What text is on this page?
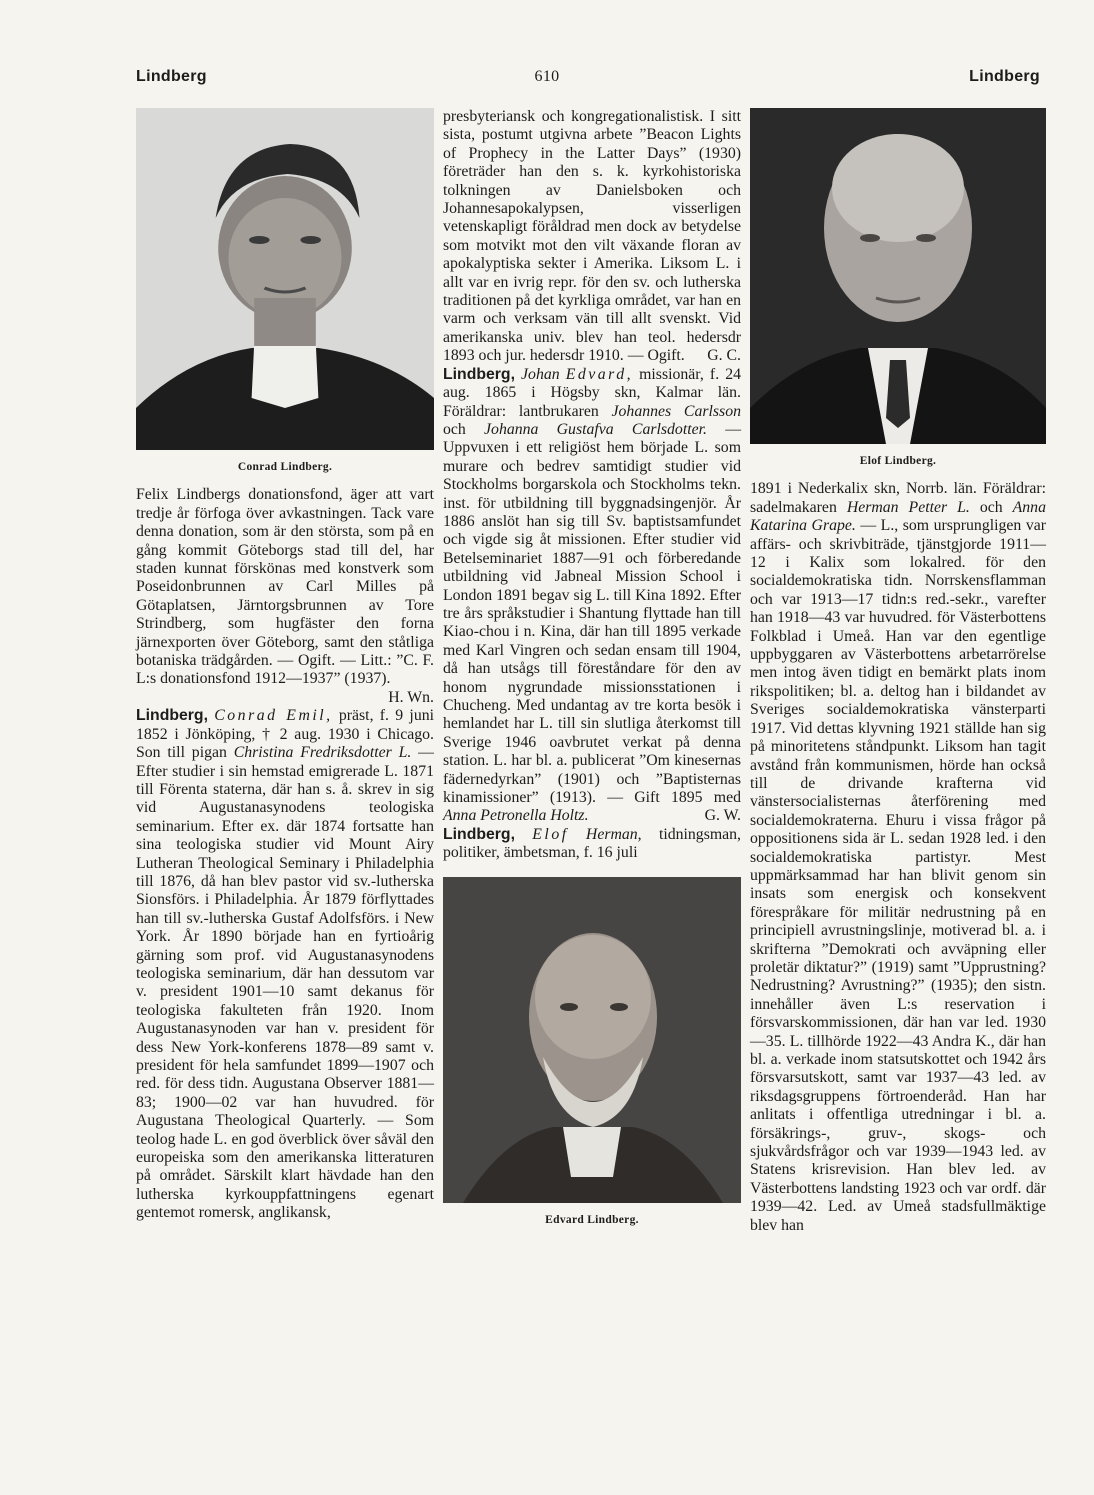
Lindberg	610	Lindberg
Conrad Lindberg.

Felix Lindbergs donationsfond, äger att vart tredje år förfoga över avkastningen. Tack vare denna donation, som är den största, som på en gång kommit Göteborgs stad till del, har staden kunnat förskönas med konstverk som Poseidonbrunnen av Carl Milles på Götaplatsen, Järntorgsbrunnen av Tore Strindberg, som hugfäster den forna järnexporten över Göteborg, samt den ståtliga botaniska trädgården. — Ogift. — Litt.: ”C. F. L:s donationsfond 1912—1937” (1937).
H. Wn.

Lindberg, Conrad Emil, präst, f. 9 juni 1852 i Jönköping, † 2 aug. 1930 i Chicago. Son till pigan Christina Fredriksdotter L. — Efter studier i sin hemstad emigrerade L. 1871 till Förenta staterna, där han s. å. skrev in sig vid Augustanasynodens teologiska seminarium. Efter ex. där 1874 fortsatte han sina teologiska studier vid Mount Airy Lutheran Theological Seminary i Philadelphia till 1876, då han blev pastor vid sv.-lutherska Sionsförs. i Philadelphia. År 1879 förflyttades han till sv.-lutherska Gustaf Adolfsförs. i New York. År 1890 började han en fyrtioårig gärning som prof. vid Augustanasynodens teologiska seminarium, där han dessutom var v. president 1901—10 samt dekanus för teologiska fakulteten från 1920. Inom Augustanasynoden var han v. president för dess New York-konferens 1878—89 samt v. president för hela samfundet 1899—1907 och red. för dess tidn. Augustana Observer 1881—83; 1900—02 var han huvudred. för Augustana Theological Quarterly. — Som teolog hade L. en god överblick över såväl den europeiska som den amerikanska litteraturen på området. Särskilt klart hävdade han den lutherska kyrkouppfattningens egenart gentemot romersk, anglikansk,

presbyteriansk och kongregationalistisk. I sitt sista, postumt utgivna arbete ”Beacon Lights of Prophecy in the Latter Days” (1930) företräder han den s. k. kyrkohistoriska tolkningen av Danielsboken och Johannesapokalypsen, visserligen vetenskapligt föråldrad men dock av betydelse som motvikt mot den vilt växande floran av apokalyptiska sekter i Amerika. Liksom L. i allt var en ivrig repr. för den sv. och lutherska traditionen på det kyrkliga området, var han en varm och verksam vän till allt svenskt. Vid amerikanska univ. blev han teol. hedersdr 1893 och jur. hedersdr 1910. — Ogift. G. C.

Lindberg, Johan Edvard, missionär, f. 24 aug. 1865 i Högsby skn, Kalmar län. Föräldrar: lantbrukaren Johannes Carlsson och Johanna Gustafva Carlsdotter. — Uppvuxen i ett religiöst hem började L. som murare och bedrev samtidigt studier vid Stockholms borgarskola och Stockholms tekn. inst. för utbildning till byggnadsingenjör. År 1886 anslöt han sig till Sv. baptistsamfundet och vigde sig åt missionen. Efter studier vid Betelseminariet 1887—91 och förberedande utbildning vid Jabneal Mission School i London 1891 begav sig L. till Kina 1892. Efter tre års språkstudier i Shantung flyttade han till Kiao-chou i n. Kina, där han till 1895 verkade med Karl Vingren och sedan ensam till 1904, då han utsågs till föreståndare för den av honom nygrundade missionsstationen i Chucheng. Med undantag av tre korta besök i hemlandet har L. till sin slutliga återkomst till Sverige 1946 oavbrutet verkat på denna station. L. har bl. a. publicerat ”Om kinesernas fädernedyrkan” (1901) och ”Baptisternas kinamissioner” (1913). — Gift 1895 med Anna Petronella Holtz.	G. W.

Lindberg, Elof Herman, tidningsman, politiker, ämbetsman, f. 16 juli

Edvard Lindberg.
Elof Lindberg.

1891 i Nederkalix skn, Norrb. län. Föräldrar: sadelmakaren Herman Petter L. och Anna Katarina Grape. — L., som ursprungligen var affärs- och skrivbiträde, tjänstgjorde 1911—12 i Kalix som lokalred. för den socialdemokratiska tidn. Norrskensflamman och var 1913—17 tidn:s red.-sekr., varefter han 1918—43 var huvudred. för Västerbottens Folkblad i Umeå. Han var den egentlige uppbyggaren av Västerbottens arbetarrörelse men intog även tidigt en bemärkt plats inom rikspolitiken; bl. a. deltog han i bildandet av Sveriges socialdemokratiska vänsterparti 1917. Vid dettas klyvning 1921 ställde han sig på minoritetens ståndpunkt. Liksom han tagit avstånd från kommunismen, hörde han också till de drivande krafterna vid vänstersocialisternas återförening med socialdemokraterna. Ehuru i vissa frågor på oppositionens sida är L. sedan 1928 led. i den socialdemokratiska partistyr. Mest uppmärksammad har han blivit genom sin insats som energisk och konsekvent förespråkare för militär nedrustning på en principiell avrustningslinje, motiverad bl. a. i skrifterna ”Demokrati och avväpning eller proletär diktatur?” (1919) samt ”Upprustning? Nedrustning? Avrustning?” (1935); den sistn. innehåller även L:s reservation i försvarskommissionen, där han var led. 1930—35. L. tillhörde 1922—43 Andra K., där han bl. a. verkade inom statsutskottet och 1942 års försvarsutskott, samt var 1937—43 led. av riksdagsgruppens förtroenderåd. Han har anlitats i offentliga utredningar i bl. a. försäkrings-, gruv-, skogs- och sjukvårdsfrågor och var 1939—1943 led. av Statens krisrevision. Han blev led. av Västerbottens landsting 1923 och var ordf. där 1939—42. Led. av Umeå stadsfullmäktige blev han
